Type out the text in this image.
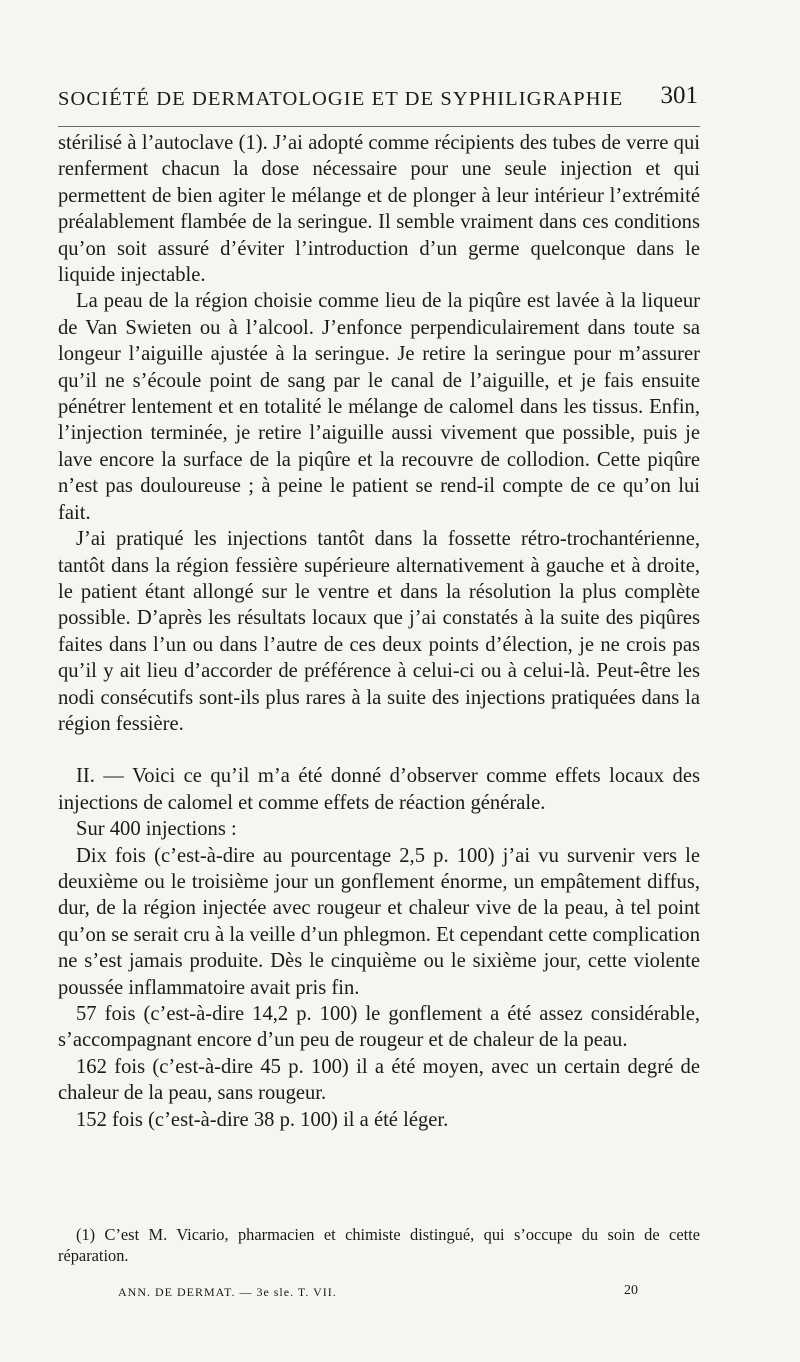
SOCIÉTÉ DE DERMATOLOGIE ET DE SYPHILIGRAPHIE 301

stérilisé à l’autoclave (1). J’ai adopté comme récipients des tubes de verre qui renferment chacun la dose nécessaire pour une seule injection et qui permettent de bien agiter le mélange et de plonger à leur intérieur l’extrémité préalablement flambée de la seringue. Il semble vraiment dans ces conditions qu’on soit assuré d’éviter l’introduction d’un germe quelconque dans le liquide injectable.

La peau de la région choisie comme lieu de la piqûre est lavée à la liqueur de Van Swieten ou à l’alcool. J’enfonce perpendiculairement dans toute sa longeur l’aiguille ajustée à la seringue. Je retire la seringue pour m’assurer qu’il ne s’écoule point de sang par le canal de l’aiguille, et je fais ensuite pénétrer lentement et en totalité le mélange de calomel dans les tissus. Enfin, l’injection terminée, je retire l’aiguille aussi vivement que possible, puis je lave encore la surface de la piqûre et la recouvre de collodion. Cette piqûre n’est pas douloureuse ; à peine le patient se rend-il compte de ce qu’on lui fait.

J’ai pratiqué les injections tantôt dans la fossette rétro-trochantérienne, tantôt dans la région fessière supérieure alternativement à gauche et à droite, le patient étant allongé sur le ventre et dans la résolution la plus complète possible. D’après les résultats locaux que j’ai constatés à la suite des piqûres faites dans l’un ou dans l’autre de ces deux points d’élection, je ne crois pas qu’il y ait lieu d’accorder de préférence à celui-ci ou à celui-là. Peut-être les nodi consécutifs sont-ils plus rares à la suite des injections pratiquées dans la région fessière.

II. — Voici ce qu’il m’a été donné d’observer comme effets locaux des injections de calomel et comme effets de réaction générale.

Sur 400 injections :

Dix fois (c’est-à-dire au pourcentage 2,5 p. 100) j’ai vu survenir vers le deuxième ou le troisième jour un gonflement énorme, un empâtement diffus, dur, de la région injectée avec rougeur et chaleur vive de la peau, à tel point qu’on se serait cru à la veille d’un phlegmon. Et cependant cette complication ne s’est jamais produite. Dès le cinquième ou le sixième jour, cette violente poussée inflammatoire avait pris fin.

57 fois (c’est-à-dire 14,2 p. 100) le gonflement a été assez considérable, s’accompagnant encore d’un peu de rougeur et de chaleur de la peau.

162 fois (c’est-à-dire 45 p. 100) il a été moyen, avec un certain degré de chaleur de la peau, sans rougeur.

152 fois (c’est-à-dire 38 p. 100) il a été léger.

(1) C’est M. Vicario, pharmacien et chimiste distingué, qui s’occupe du soin de cette réparation.

ANN. DE DERMAT. — 3e sle. T. VII.	20
